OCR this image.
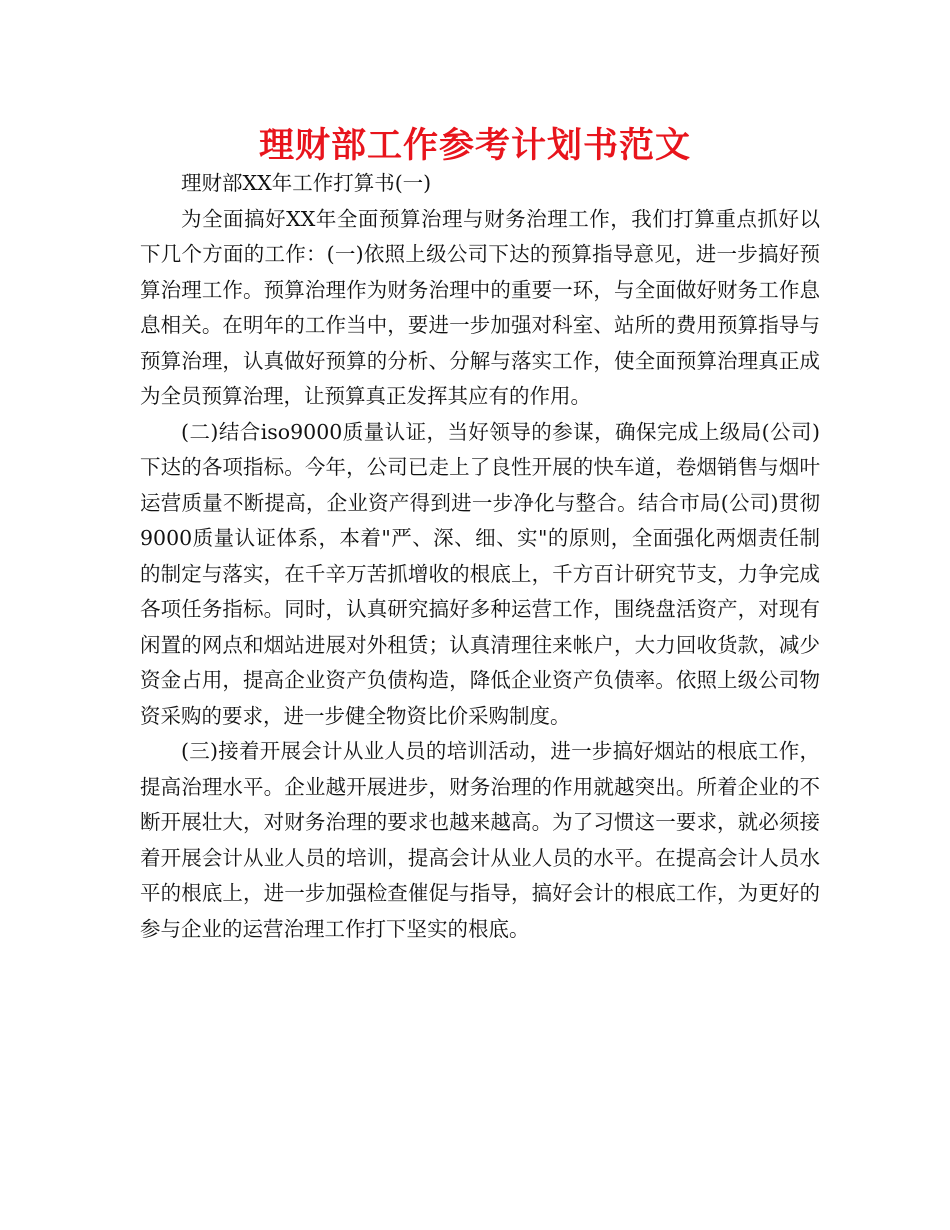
理财部工作参考计划书范文

理财部XX年工作打算书(一)

为全面搞好XX年全面预算治理与财务治理工作，我们打算重点抓好以下几个方面的工作：(一)依照上级公司下达的预算指导意见，进一步搞好预算治理工作。预算治理作为财务治理中的重要一环，与全面做好财务工作息息相关。在明年的工作当中，要进一步加强对科室、站所的费用预算指导与预算治理，认真做好预算的分析、分解与落实工作，使全面预算治理真正成为全员预算治理，让预算真正发挥其应有的作用。

(二)结合iso9000质量认证，当好领导的参谋，确保完成上级局(公司)下达的各项指标。今年，公司已走上了良性开展的快车道，卷烟销售与烟叶运营质量不断提高，企业资产得到进一步净化与整合。结合市局(公司)贯彻9000质量认证体系，本着"严、深、细、实"的原则，全面强化两烟责任制的制定与落实，在千辛万苦抓增收的根底上，千方百计研究节支，力争完成各项任务指标。同时，认真研究搞好多种运营工作，围绕盘活资产，对现有闲置的网点和烟站进展对外租赁；认真清理往来帐户，大力回收货款，减少资金占用，提高企业资产负债构造，降低企业资产负债率。依照上级公司物资采购的要求，进一步健全物资比价采购制度。

(三)接着开展会计从业人员的培训活动，进一步搞好烟站的根底工作，提高治理水平。企业越开展进步，财务治理的作用就越突出。所着企业的不断开展壮大，对财务治理的要求也越来越高。为了习惯这一要求，就必须接着开展会计从业人员的培训，提高会计从业人员的水平。在提高会计人员水平的根底上，进一步加强检查催促与指导，搞好会计的根底工作，为更好的参与企业的运营治理工作打下坚实的根底。
